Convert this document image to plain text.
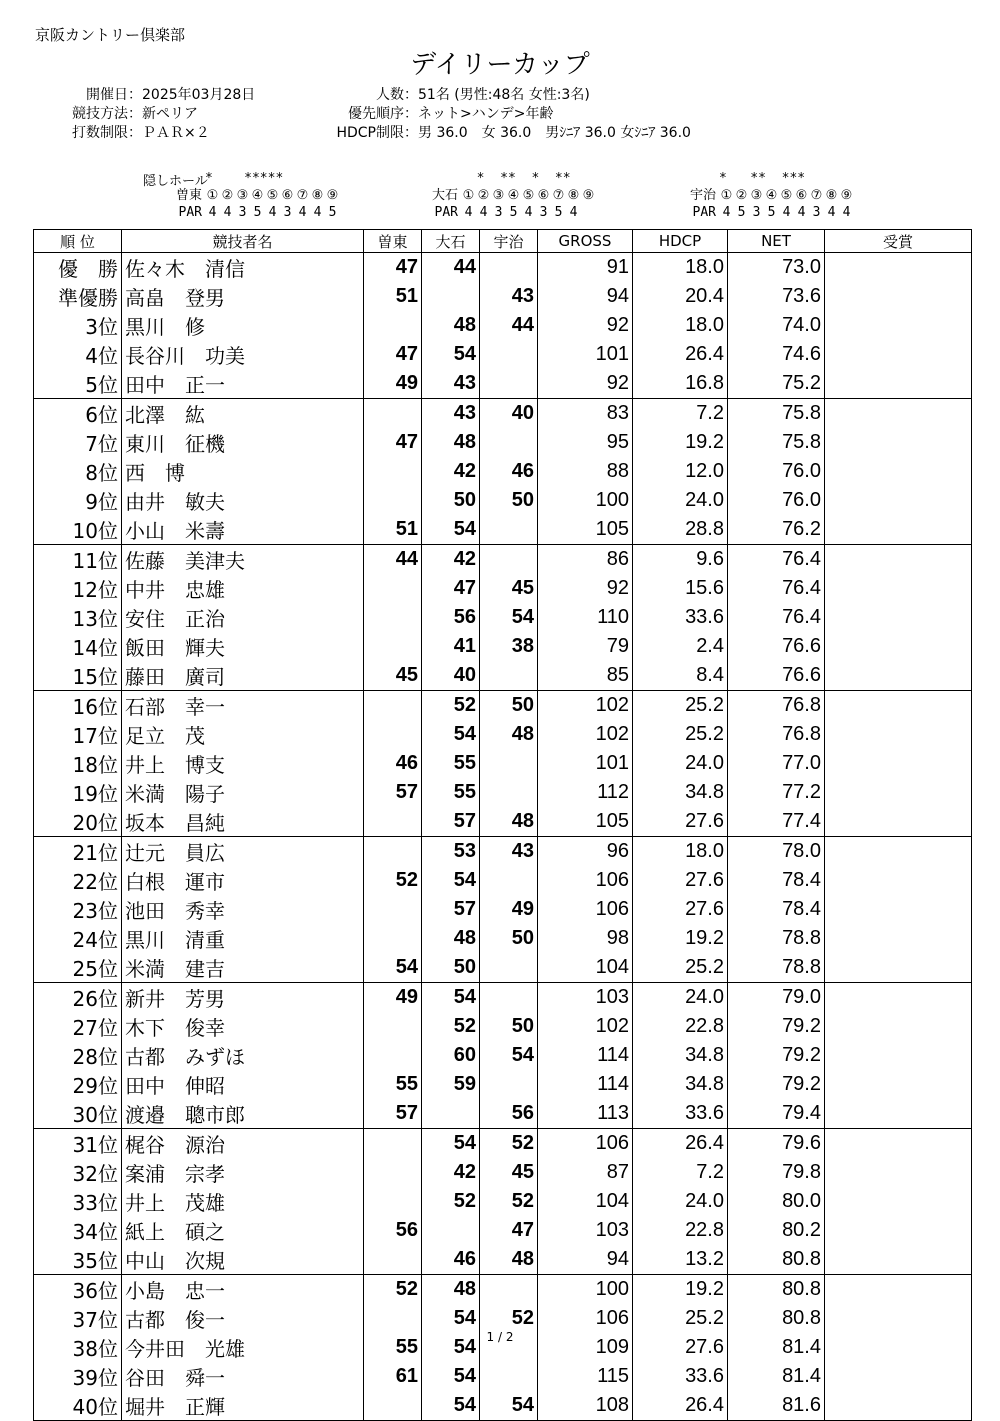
京阪カントリー倶楽部
デイリーカップ
開催日：2025年03月28日
競技方法：新ペリア
打数制限：ＰＡＲ×２
人数：51名 (男性:48名 女性:3名)
優先順序：ネット>ハンデ>年齢
HDCP制限：男 36.0　女 36.0　男ｼﾆｱ 36.0 女ｼﾆｱ 36.0
隠しホール
*    *****
曽東 ① ② ③ ④ ⑤ ⑥ ⑦ ⑧ ⑨
PAR 4 4 3 5 4 3 4 4 5
*  **  *  **
大石 ① ② ③ ④ ⑤ ⑥ ⑦ ⑧ ⑨
PAR 4 4 3 5 4 3 5 4
*   **  ***
宇治 ① ② ③ ④ ⑤ ⑥ ⑦ ⑧ ⑨
PAR 4 5 3 5 4 4 3 4 4
順 位	競技者名	曽東	大石	宇治	GROSS	HDCP	NET	受賞
優　勝	佐々木　清信	47	44		91	18.0	73.0	
準優勝	高畠　登男	51		43	94	20.4	73.6	
3位	黒川　修		48	44	92	18.0	74.0	
4位	長谷川　功美	47	54		101	26.4	74.6	
5位	田中　正一	49	43		92	16.8	75.2	
6位	北澤　紘		43	40	83	7.2	75.8	
7位	東川　征機	47	48		95	19.2	75.8	
8位	西　博		42	46	88	12.0	76.0	
9位	由井　敏夫		50	50	100	24.0	76.0	
10位	小山　米壽	51	54		105	28.8	76.2	
11位	佐藤　美津夫	44	42		86	9.6	76.4	
12位	中井　忠雄		47	45	92	15.6	76.4	
13位	安住　正治		56	54	110	33.6	76.4	
14位	飯田　輝夫		41	38	79	2.4	76.6	
15位	藤田　廣司	45	40		85	8.4	76.6	
16位	石部　幸一		52	50	102	25.2	76.8	
17位	足立　茂		54	48	102	25.2	76.8	
18位	井上　博支	46	55		101	24.0	77.0	
19位	米満　陽子	57	55		112	34.8	77.2	
20位	坂本　昌純		57	48	105	27.6	77.4	
21位	辻元　員広		53	43	96	18.0	78.0	
22位	白根　運市	52	54		106	27.6	78.4	
23位	池田　秀幸		57	49	106	27.6	78.4	
24位	黒川　清重		48	50	98	19.2	78.8	
25位	米満　建吉	54	50		104	25.2	78.8	
26位	新井　芳男	49	54		103	24.0	79.0	
27位	木下　俊幸		52	50	102	22.8	79.2	
28位	古都　みずほ		60	54	114	34.8	79.2	
29位	田中　伸昭	55	59		114	34.8	79.2	
30位	渡邉　聰市郎	57		56	113	33.6	79.4	
31位	梶谷　源治		54	52	106	26.4	79.6	
32位	案浦　宗孝		42	45	87	7.2	79.8	
33位	井上　茂雄		52	52	104	24.0	80.0	
34位	紙上　碩之	56		47	103	22.8	80.2	
35位	中山　次規		46	48	94	13.2	80.8	
36位	小島　忠一	52	48		100	19.2	80.8	
37位	古都　俊一		54	52	106	25.2	80.8	
38位	今井田　光雄	55	54		109	27.6	81.4	
39位	谷田　舜一	61	54		115	33.6	81.4	
40位	堀井　正輝		54	54	108	26.4	81.6	
1 / 2
